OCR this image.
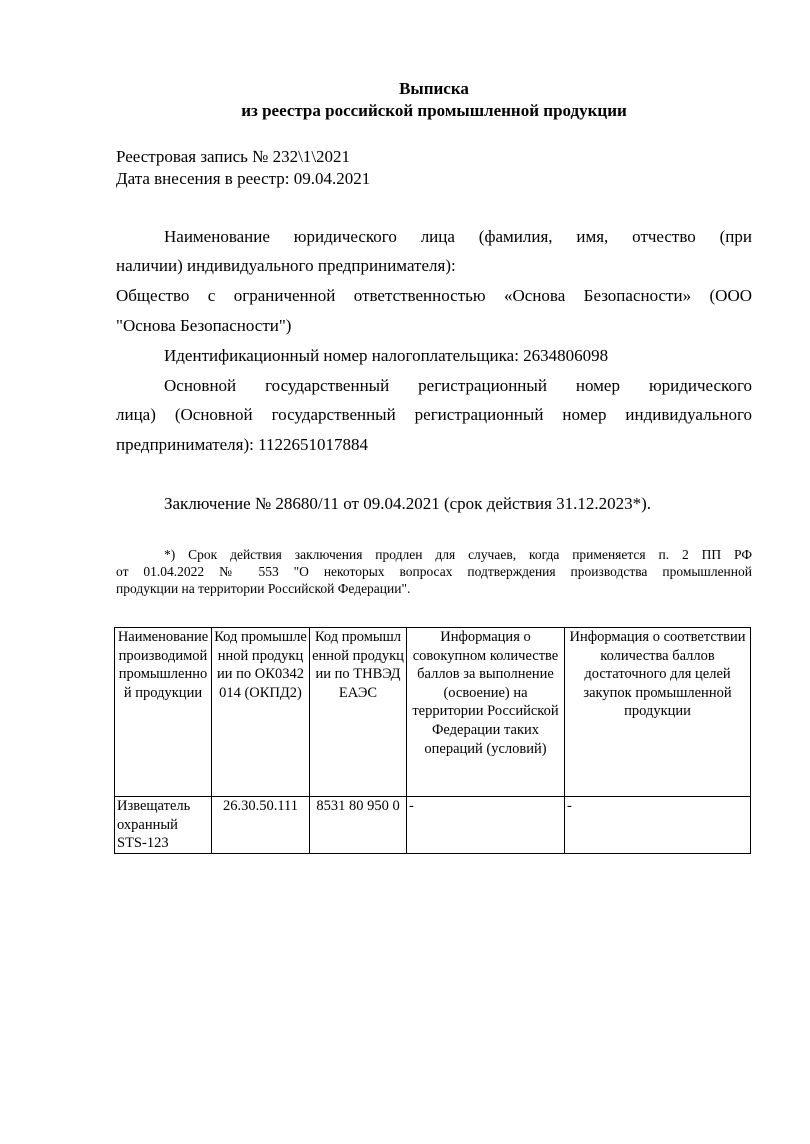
Выписка
из реестра российской промышленной продукции
Реестровая запись № 232\1\2021
Дата внесения в реестр: 09.04.2021
Наименование юридического лица (фамилия, имя, отчество (при
наличии) индивидуального предпринимателя):
Общество с ограниченной ответственностью «Основа Безопасности» (ООО
"Основа Безопасности")
Идентификационный номер налогоплательщика: 2634806098
Основной государственный регистрационный номер юридического
лица) (Основной государственный регистрационный номер индивидуального
предпринимателя): 1122651017884
Заключение № 28680/11 от 09.04.2021 (срок действия 31.12.2023*).
*) Срок действия заключения продлен для случаев, когда применяется п. 2 ПП РФ
от 01.04.2022 № 553 "О некоторых вопросах подтверждения производства промышленной
продукции на территории Российской Федерации".
Наименование производимой промышленной продукции	Код промышленной продукции по ОК0342014 (ОКПД2)	Код промышленной продукции по ТНВЭДЕАЭС	Информация о совокупном количестве баллов за выполнение (освоение) на территории Российской Федерации таких операций (условий)	Информация о соответствии количества баллов достаточного для целей закупок промышленной продукции
Извещатель охранный STS-123	26.30.50.111	8531 80 950 0	-	-
